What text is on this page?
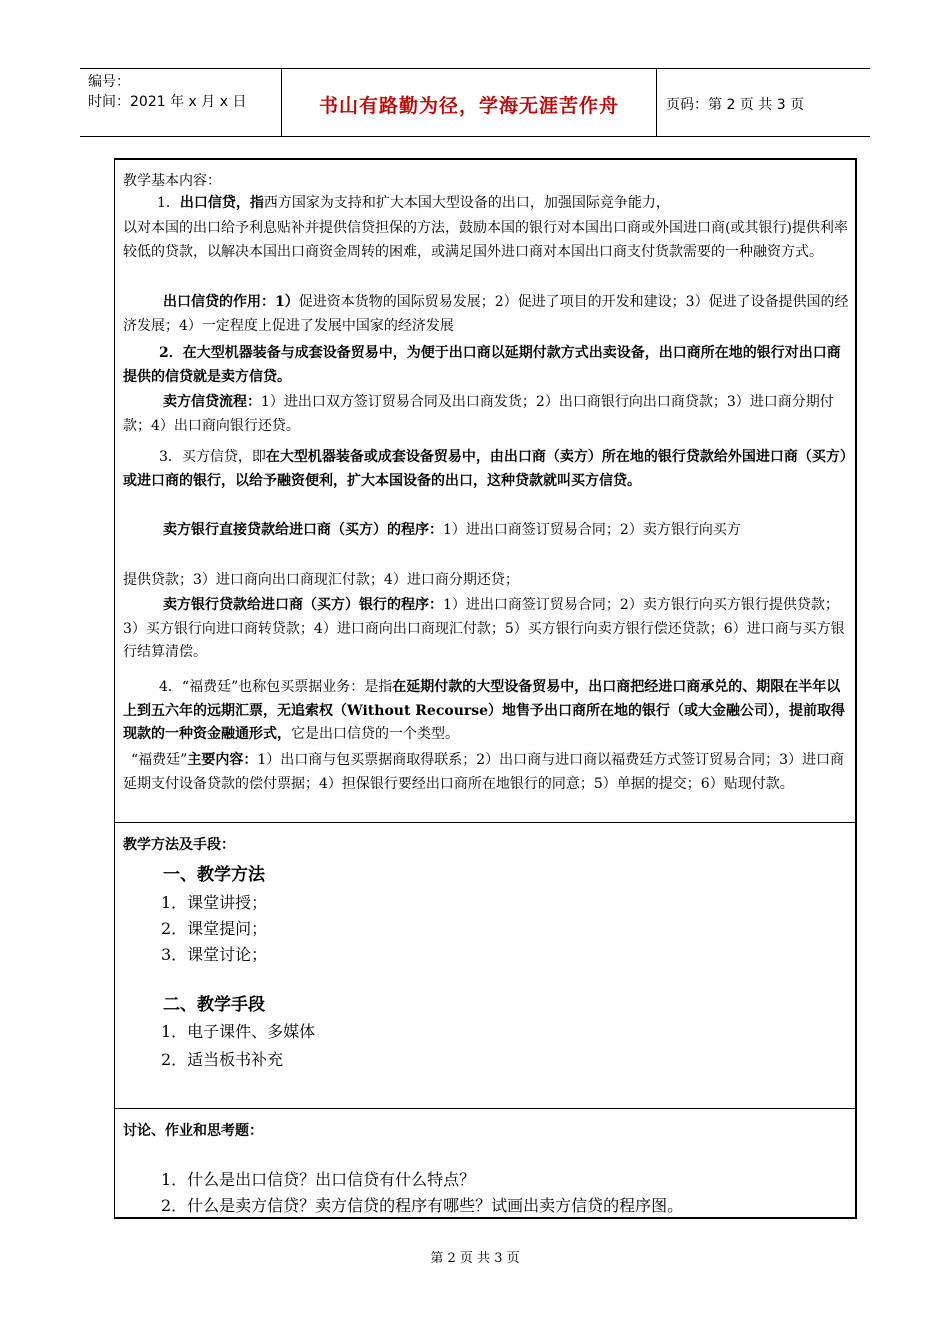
编号：
时间：2021 年 x 月 x 日	书山有路勤为径，学海无涯苦作舟	页码：第 2 页 共 3 页
教学基本内容：
1．出口信贷，指西方国家为支持和扩大本国大型设备的出口，加强国际竞争能力，
以对本国的出口给予利息贴补并提供信贷担保的方法，鼓励本国的银行对本国出口商或外国进口商(或其银行)提供利率较低的贷款，以解决本国出口商资金周转的困难，或满足国外进口商对本国出口商支付货款需要的一种融资方式。
出口信贷的作用：1）促进资本货物的国际贸易发展；2）促进了项目的开发和建设；3）促进了设备提供国的经济发展；4）一定程度上促进了发展中国家的经济发展
2．在大型机器装备与成套设备贸易中，为便于出口商以延期付款方式出卖设备，出口商所在地的银行对出口商提供的信贷就是卖方信贷。
卖方信贷流程：1）进出口双方签订贸易合同及出口商发货；2）出口商银行向出口商贷款；3）进口商分期付款；4）出口商向银行还贷。
3．买方信贷，即在大型机器装备或成套设备贸易中，由出口商（卖方）所在地的银行贷款给外国进口商（买方）或进口商的银行，以给予融资便利，扩大本国设备的出口，这种贷款就叫买方信贷。
卖方银行直接贷款给进口商（买方）的程序：1）进出口商签订贸易合同；2）卖方银行向买方
提供贷款；3）进口商向出口商现汇付款；4）进口商分期还贷；
卖方银行贷款给进口商（买方）银行的程序：1）进出口商签订贸易合同；2）卖方银行向买方银行提供贷款；3）买方银行向进口商转贷款；4）进口商向出口商现汇付款；5）买方银行向卖方银行偿还贷款；6）进口商与买方银行结算清偿。
4．“福费廷”也称包买票据业务：是指在延期付款的大型设备贸易中，出口商把经进口商承兑的、期限在半年以上到五六年的远期汇票，无追索权（Without Recourse）地售予出口商所在地的银行（或大金融公司），提前取得现款的一种资金融通形式，它是出口信贷的一个类型。
“福费廷”主要内容：1）出口商与包买票据商取得联系；2）出口商与进口商以福费廷方式签订贸易合同；3）进口商延期支付设备贷款的偿付票据；4）担保银行要经出口商所在地银行的同意；5）单据的提交；6）贴现付款。
教学方法及手段：
一、教学方法
1．课堂讲授；
2．课堂提问；
3．课堂讨论；
二、教学手段
1．电子课件、多媒体
2．适当板书补充
讨论、作业和思考题：
1．什么是出口信贷？出口信贷有什么特点？
2．什么是卖方信贷？卖方信贷的程序有哪些？试画出卖方信贷的程序图。
第 2 页 共 3 页
